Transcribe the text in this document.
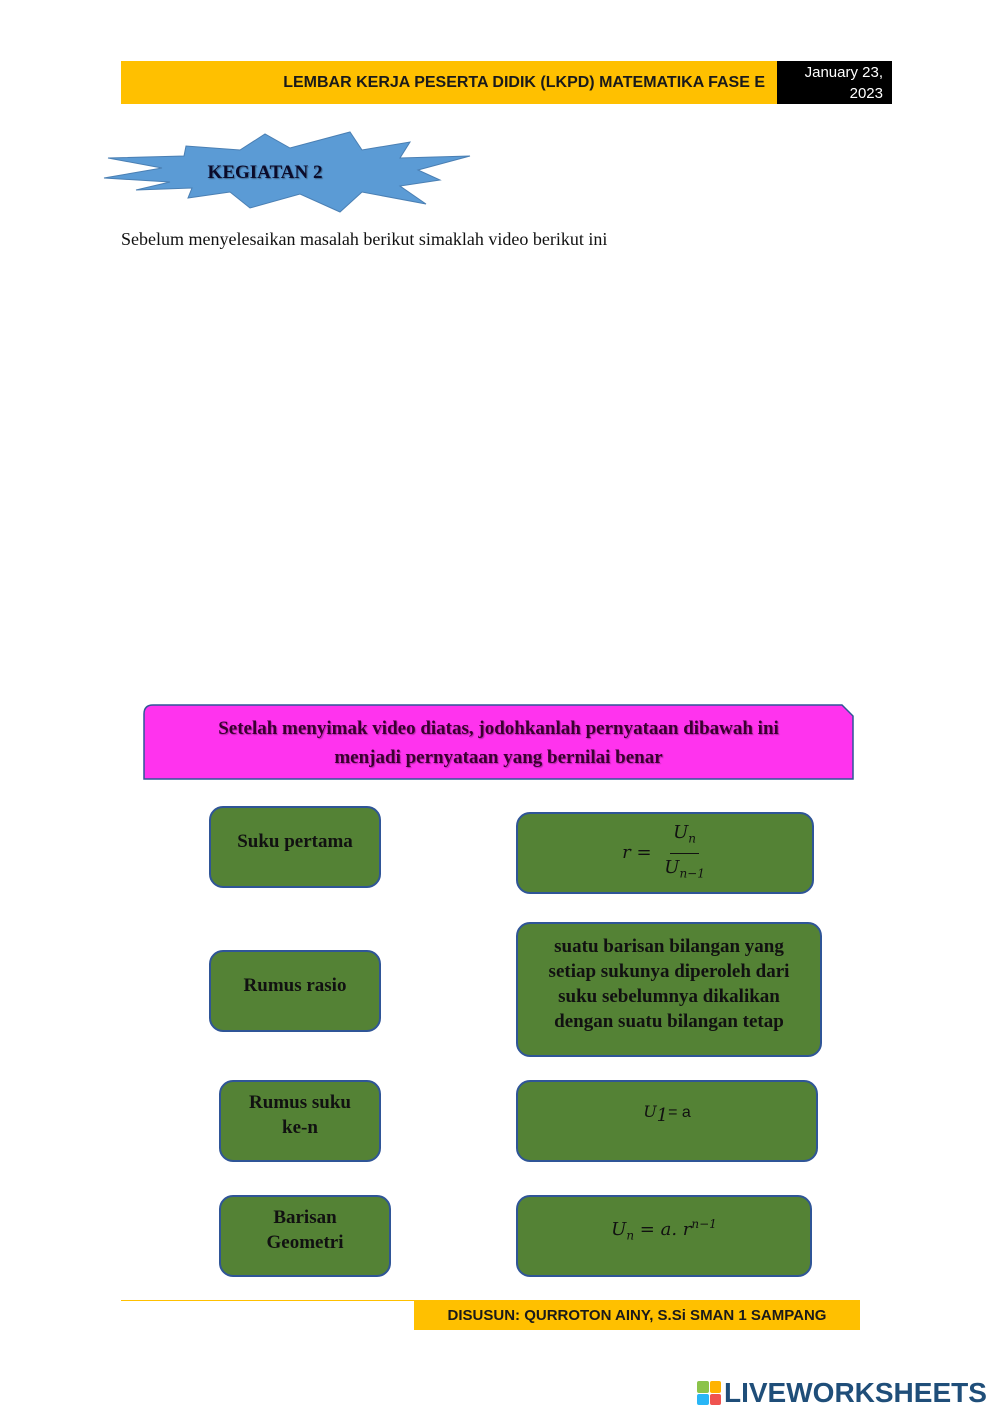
LEMBAR KERJA PESERTA DIDIK (LKPD) MATEMATIKA FASE E
January 23,
2023
KEGIATAN 2
Sebelum menyelesaikan masalah berikut simaklah video berikut ini
Setelah menyimak video diatas, jodohkanlah pernyataan dibawah ini
menjadi pernyataan yang bernilai benar
Suku pertama
Rumus rasio
Rumus suku
ke-n
Barisan
Geometri
$r = \frac{U_n}{U_{n-1}}$
suatu barisan bilangan yang
setiap sukunya diperoleh dari
suku sebelumnya dikalikan
dengan suatu bilangan tetap
$U_1= a$
$U_n = a$. $r^{n-1}$
DISUSUN: QURROTON AINY, S.Si SMAN 1 SAMPANG
LIVEWORKSHEETS
